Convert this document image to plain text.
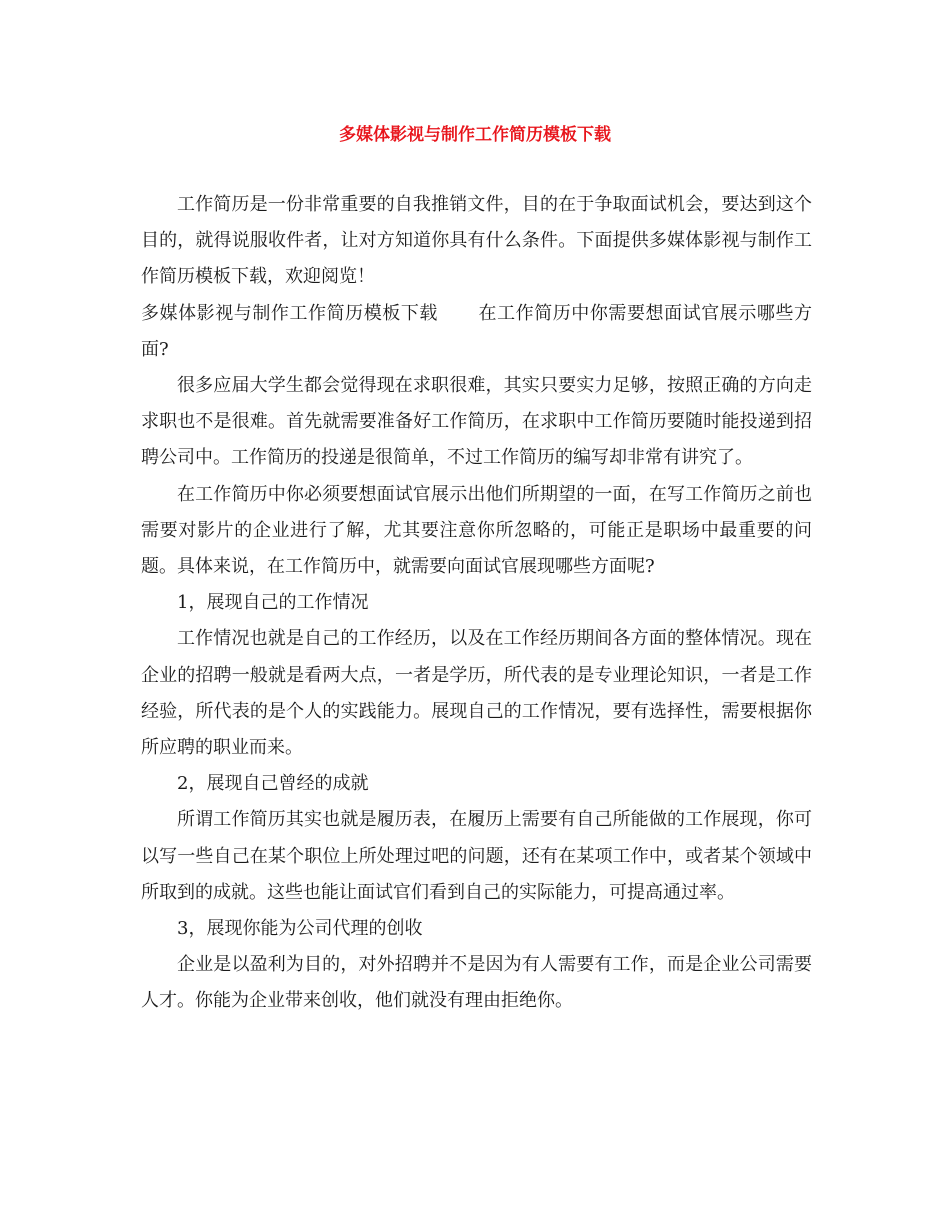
多媒体影视与制作工作简历模板下载

工作简历是一份非常重要的自我推销文件，目的在于争取面试机会，要达到这个目的，就得说服收件者，让对方知道你具有什么条件。下面提供多媒体影视与制作工作简历模板下载，欢迎阅览！

多媒体影视与制作工作简历模板下载 在工作简历中你需要想面试官展示哪些方面?

很多应届大学生都会觉得现在求职很难，其实只要实力足够，按照正确的方向走求职也不是很难。首先就需要准备好工作简历，在求职中工作简历要随时能投递到招聘公司中。工作简历的投递是很简单，不过工作简历的编写却非常有讲究了。

在工作简历中你必须要想面试官展示出他们所期望的一面，在写工作简历之前也需要对影片的企业进行了解，尤其要注意你所忽略的，可能正是职场中最重要的问题。具体来说，在工作简历中，就需要向面试官展现哪些方面呢?

1，展现自己的工作情况

工作情况也就是自己的工作经历，以及在工作经历期间各方面的整体情况。现在企业的招聘一般就是看两大点，一者是学历，所代表的是专业理论知识，一者是工作经验，所代表的是个人的实践能力。展现自己的工作情况，要有选择性，需要根据你所应聘的职业而来。

2，展现自己曾经的成就

所谓工作简历其实也就是履历表，在履历上需要有自己所能做的工作展现，你可以写一些自己在某个职位上所处理过吧的问题，还有在某项工作中，或者某个领域中所取到的成就。这些也能让面试官们看到自己的实际能力，可提高通过率。

3，展现你能为公司代理的创收

企业是以盈利为目的，对外招聘并不是因为有人需要有工作，而是企业公司需要人才。你能为企业带来创收，他们就没有理由拒绝你。
